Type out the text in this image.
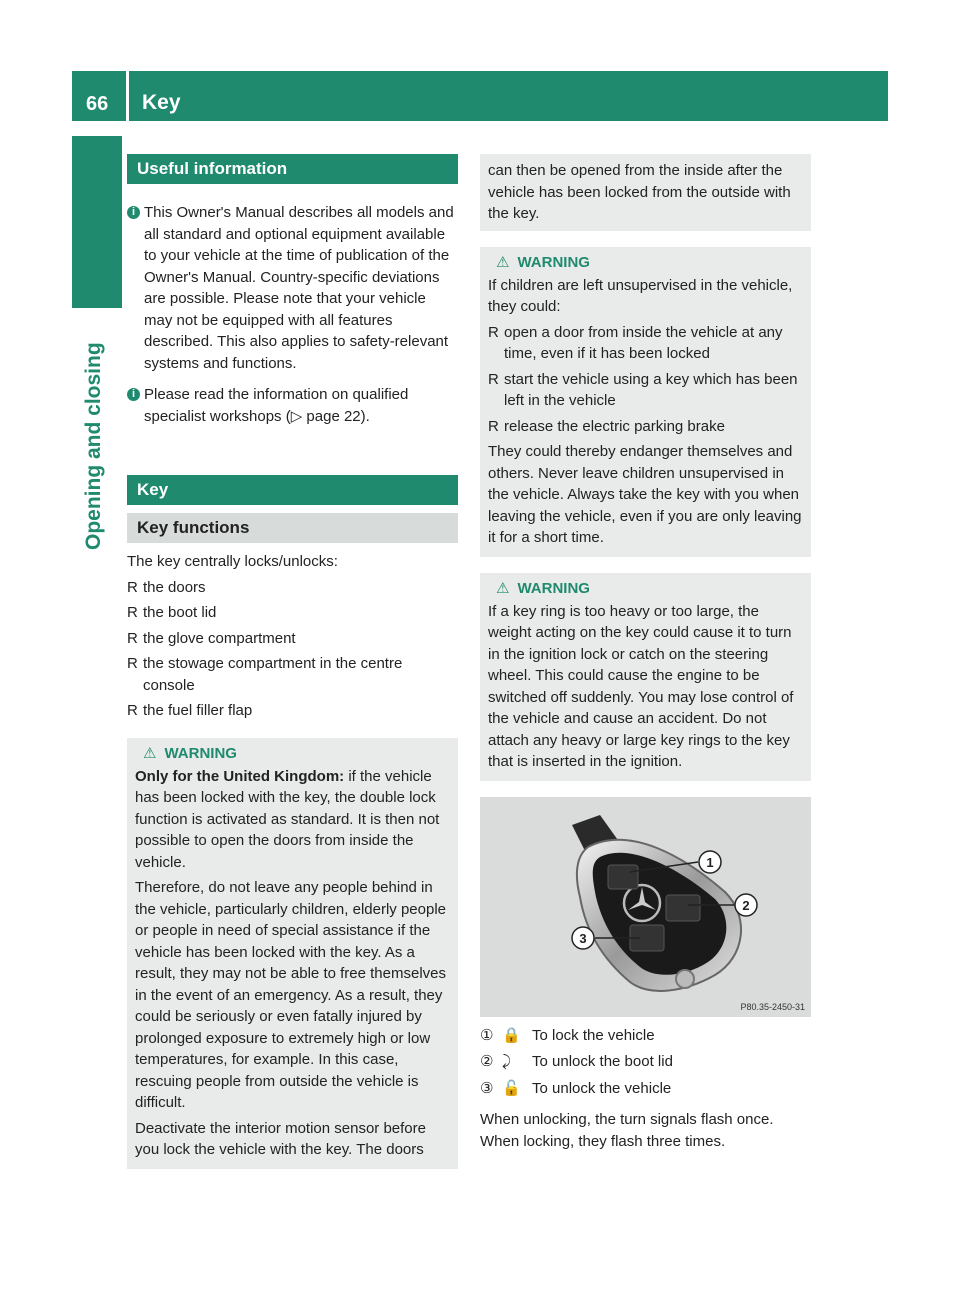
66 Key
Opening and closing
Useful information
i This Owner's Manual describes all models and all standard and optional equipment available to your vehicle at the time of publication of the Owner's Manual. Country-specific deviations are possible. Please note that your vehicle may not be equipped with all features described. This also applies to safety-relevant systems and functions.

i Please read the information on qualified specialist workshops (▷ page 22).

Key
Key functions

The key centrally locks/unlocks:

R the doors
R the boot lid
R the glove compartment
R the stowage compartment in the centre console
R the fuel filler flap
⚠ WARNING

Only for the United Kingdom: if the vehicle has been locked with the key, the double lock function is activated as standard. It is then not possible to open the doors from inside the vehicle.

Therefore, do not leave any people behind in the vehicle, particularly children, elderly people or people in need of special assistance if the vehicle has been locked with the key. As a result, they may not be able to free themselves in the event of an emergency. As a result, they could be seriously or even fatally injured by prolonged exposure to extremely high or low temperatures, for example. In this case, rescuing people from outside the vehicle is difficult.

Deactivate the interior motion sensor before you lock the vehicle with the key. The doors

can then be opened from the inside after the vehicle has been locked from the outside with the key.

⚠ WARNING

If children are left unsupervised in the vehicle, they could:

R open a door from inside the vehicle at any time, even if it has been locked
R start the vehicle using a key which has been left in the vehicle
R release the electric parking brake

They could thereby endanger themselves and others. Never leave children unsupervised in the vehicle. Always take the key with you when leaving the vehicle, even if you are only leaving it for a short time.

⚠ WARNING

If a key ring is too heavy or too large, the weight acting on the key could cause it to turn in the ignition lock or catch on the steering wheel. This could cause the engine to be switched off suddenly. You may lose control of the vehicle and cause an accident. Do not attach any heavy or large key rings to the key that is inserted in the ignition.

1
2
3
P80.35-2450-31
① 🔒 To lock the vehicle
② ⤸	To unlock the boot lid
③ 🔓 To unlock the vehicle

When unlocking, the turn signals flash once. When locking, they flash three times.
